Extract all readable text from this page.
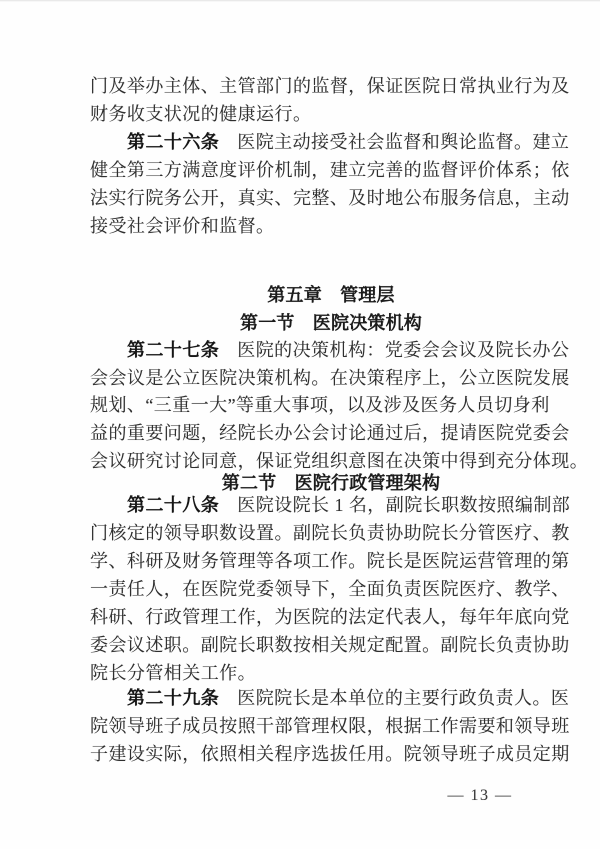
门及举办主体、主管部门的监督，保证医院日常执业行为及
财务收支状况的健康运行。
第二十六条 医院主动接受社会监督和舆论监督。建立
健全第三方满意度评价机制，建立完善的监督评价体系；依
法实行院务公开，真实、完整、及时地公布服务信息，主动
接受社会评价和监督。
第五章　管理层
第一节　医院决策机构
第二十七条 医院的决策机构：党委会会议及院长办公
会会议是公立医院决策机构。在决策程序上，公立医院发展
规划、“三重一大”等重大事项，以及涉及医务人员切身利
益的重要问题，经院长办公会讨论通过后，提请医院党委会
会议研究讨论同意，保证党组织意图在决策中得到充分体现。
第二节　医院行政管理架构
第二十八条 医院设院长 1 名，副院长职数按照编制部
门核定的领导职数设置。副院长负责协助院长分管医疗、教
学、科研及财务管理等各项工作。院长是医院运营管理的第
一责任人，在医院党委领导下，全面负责医院医疗、教学、
科研、行政管理工作，为医院的法定代表人，每年年底向党
委会议述职。副院长职数按相关规定配置。副院长负责协助
院长分管相关工作。
第二十九条 医院院长是本单位的主要行政负责人。医
院领导班子成员按照干部管理权限，根据工作需要和领导班
子建设实际，依照相关程序选拔任用。院领导班子成员定期
— 13 —
